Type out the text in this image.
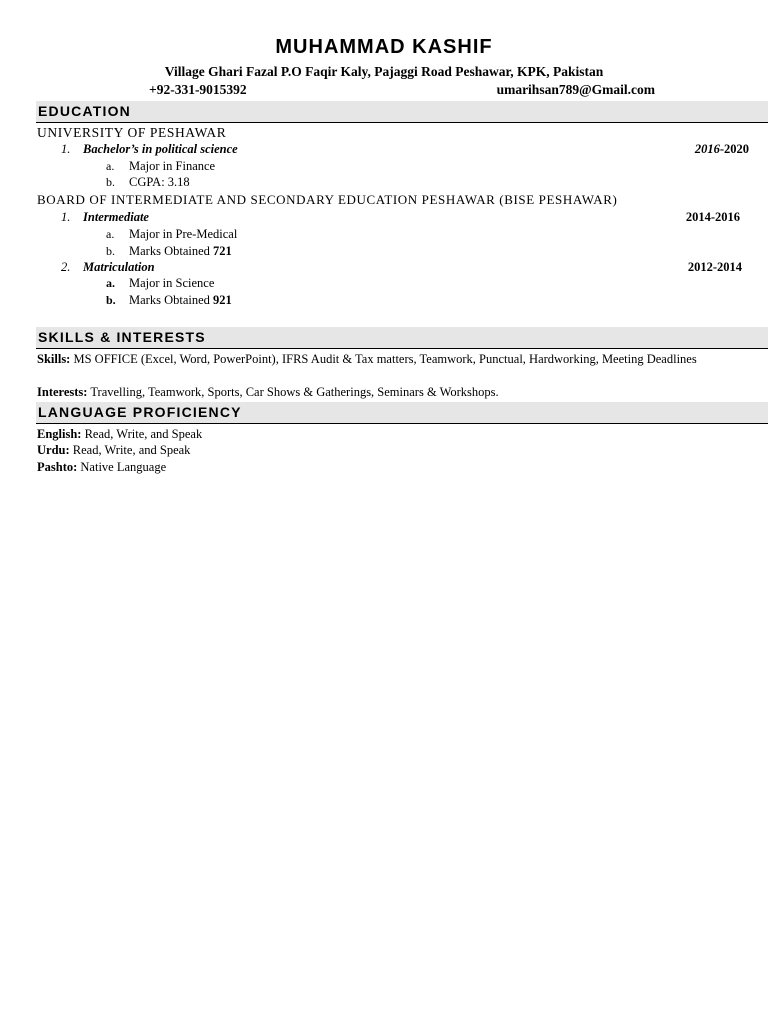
MUHAMMAD KASHIF
Village Ghari Fazal P.O Faqir Kaly, Pajaggi Road Peshawar, KPK, Pakistan
+92-331-9015392	umarihsan789@Gmail.com
EDUCATION
UNIVERSITY OF PESHAWAR
1. Bachelor’s in political science	2016-2020
a. Major in Finance
b. CGPA: 3.18
BOARD OF INTERMEDIATE AND SECONDARY EDUCATION PESHAWAR (BISE PESHAWAR)
1. Intermediate	2014-2016
a. Major in Pre-Medical
b. Marks Obtained 721
2. Matriculation	2012-2014
a. Major in Science
b. Marks Obtained 921
SKILLS & INTERESTS
Skills: MS OFFICE (Excel, Word, PowerPoint), IFRS Audit & Tax matters, Teamwork, Punctual, Hardworking, Meeting Deadlines
Interests: Travelling, Teamwork, Sports, Car Shows & Gatherings, Seminars & Workshops.
LANGUAGE PROFICIENCY
English: Read, Write, and Speak
Urdu: Read, Write, and Speak
Pashto: Native Language
